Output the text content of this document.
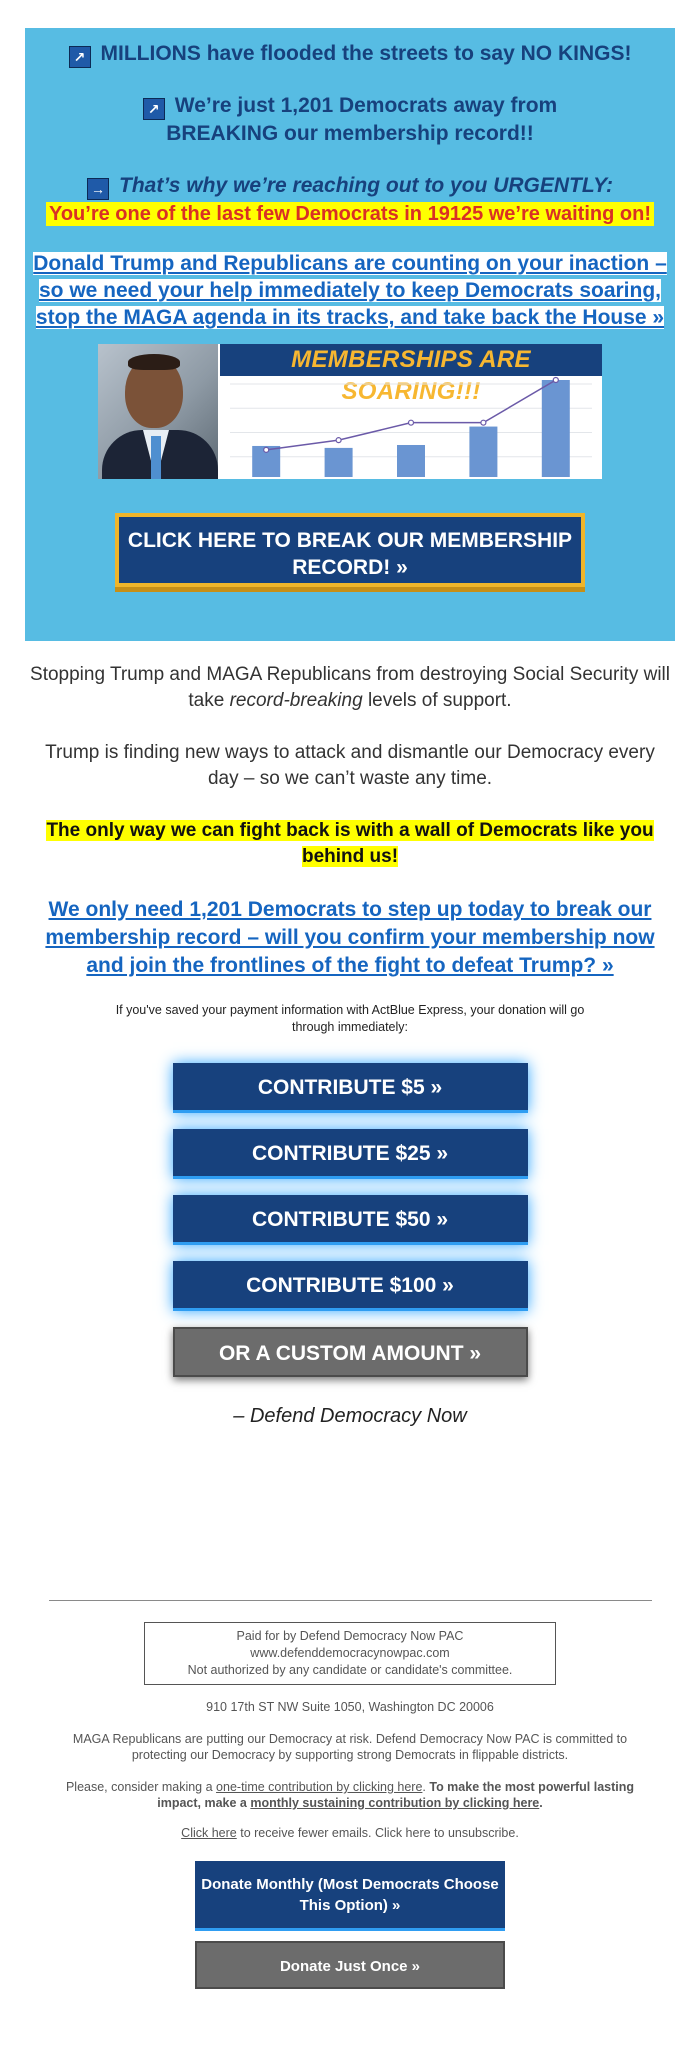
↗ MILLIONS have flooded the streets to say NO KINGS!
↗ We’re just 1,201 Democrats away from BREAKING our membership record!!
→ That’s why we’re reaching out to you URGENTLY:
You’re one of the last few Democrats in 19125 we’re waiting on!
Donald Trump and Republicans are counting on your inaction – so we need your help immediately to keep Democrats soaring, stop the MAGA agenda in its tracks, and take back the House »
MEMBERSHIPS ARE SOARING!!!
CLICK HERE TO BREAK OUR MEMBERSHIP RECORD! »
Stopping Trump and MAGA Republicans from destroying Social Security will take record-breaking levels of support.
Trump is finding new ways to attack and dismantle our Democracy every day – so we can’t waste any time.
The only way we can fight back is with a wall of Democrats like you behind us!
We only need 1,201 Democrats to step up today to break our membership record – will you confirm your membership now and join the frontlines of the fight to defeat Trump? »
If you've saved your payment information with ActBlue Express, your donation will go through immediately:
CONTRIBUTE $5 »
CONTRIBUTE $25 »
CONTRIBUTE $50 »
CONTRIBUTE $100 »
OR A CUSTOM AMOUNT »
– Defend Democracy Now
Paid for by Defend Democracy Now PAC
www.defenddemocracynowpac.com
Not authorized by any candidate or candidate's committee.
910 17th ST NW Suite 1050, Washington DC 20006
MAGA Republicans are putting our Democracy at risk. Defend Democracy Now PAC is committed to protecting our Democracy by supporting strong Democrats in flippable districts.
Please, consider making a one-time contribution by clicking here. To make the most powerful lasting impact, make a monthly sustaining contribution by clicking here.
Click here to receive fewer emails. Click here to unsubscribe.
Donate Monthly (Most Democrats Choose This Option) »
Donate Just Once »
